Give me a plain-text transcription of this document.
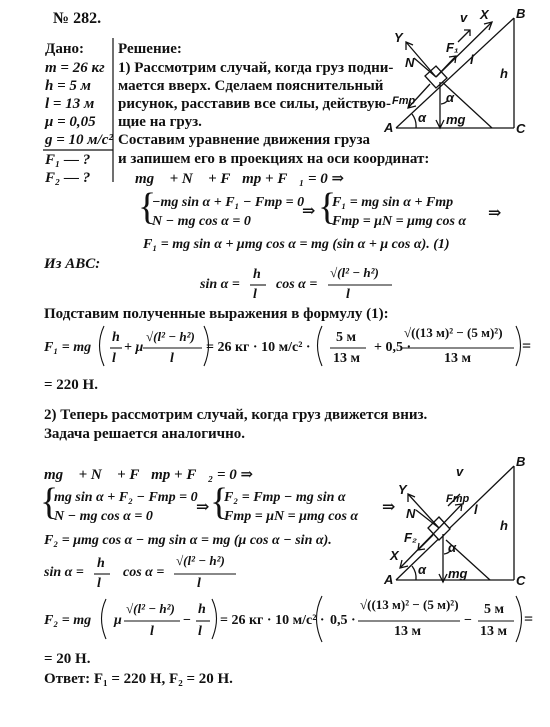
№ 282.
Дано:
m = 26 кг
h = 5 м
l = 13 м
μ = 0,05
g = 10 м/с²
F₁ — ?
F₂ — ?
Решение:
1) Рассмотрим случай, когда груз подни-
мается вверх. Сделаем пояснительный
рисунок, расставив все силы, действую-
щие на груз.
Составим уравнение движения груза
и запишем его в проекциях на оси координат:
mg⃗ + N⃗ + F⃗тр + F⃗₁ = 0 ⇒
{
−mg sin α + F₁ − Fтр = 0
N − mg cos α = 0
⇒ {
F₁ = mg sin α + Fтр
Fтр = μN = μmg cos α ⇒
F₁ = mg sin α + μmg cos α = mg (sin α + μ cos α). (1)
Из ABC:
sin α =
h
l
cos α =
√(l² − h²)
l
Подставим полученные выражения в формулу (1):
F₁ = mg
h
l
+ μ
√(l² − h²)
l
= 26 кг · 10 м/с² ·
5 м
13 м
+ 0,5 ·
√((13 м)² − (5 м)²)
13 м
=
= 220 Н.
2) Теперь рассмотрим случай, когда груз движется вниз.
Задача решается аналогично.
mg⃗ + N⃗ + F⃗тр + F⃗₂ = 0 ⇒
{
mg sin α + F₂ − Fтр = 0
N − mg cos α = 0
⇒ {
F₂ = Fтр − mg sin α
Fтр = μN = μmg cos α
⇒
F₂ = μmg cos α − mg sin α = mg (μ cos α − sin α).
sin α =
h
l
cos α =
√(l² − h²)
l
F₂ = mg μ
√(l² − h²)
l
−
h
l
= 26 кг · 10 м/с² · 0,5 ·
√((13 м)² − (5 м)²)
13 м
−
5 м
13 м
=
= 20 Н.
Ответ: F₁ = 220 Н, F₂ = 20 Н.
A
B
C
X
Y
v
N
F₁
Fтр
mg
α
α
h
l
A
B
C
X
Y
v
N
Fтр
F₂
mg
α
α
h
l
